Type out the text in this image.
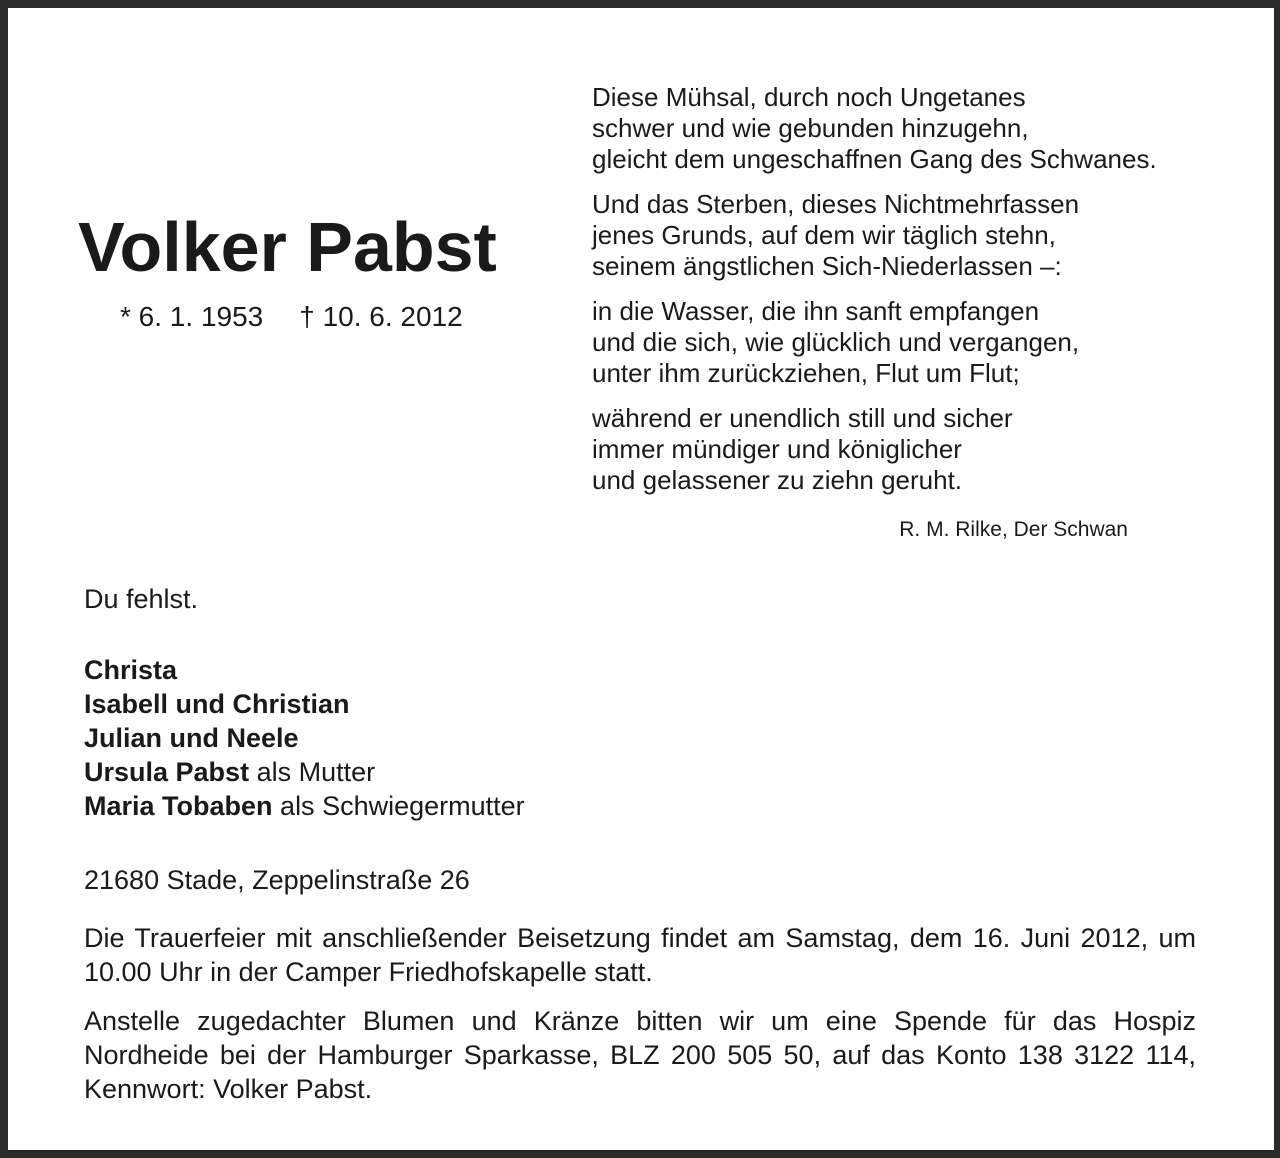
Volker Pabst
* 6. 1. 1953 † 10. 6. 2012
Diese Mühsal, durch noch Ungetanes
schwer und wie gebunden hinzugehn,
gleicht dem ungeschaffnen Gang des Schwanes.
Und das Sterben, dieses Nichtmehrfassen
jenes Grunds, auf dem wir täglich stehn,
seinem ängstlichen Sich-Niederlassen –:
in die Wasser, die ihn sanft empfangen
und die sich, wie glücklich und vergangen,
unter ihm zurückziehen, Flut um Flut;
während er unendlich still und sicher
immer mündiger und königlicher
und gelassener zu ziehn geruht.
R. M. Rilke, Der Schwan
Du fehlst.
Christa
Isabell und Christian
Julian und Neele
Ursula Pabst als Mutter
Maria Tobaben als Schwiegermutter
21680 Stade, Zeppelinstraße 26
Die Trauerfeier mit anschließender Beisetzung findet am Samstag, dem 16. Juni 2012, um 10.00 Uhr in der Camper Friedhofskapelle statt.
Anstelle zugedachter Blumen und Kränze bitten wir um eine Spende für das Hospiz Nordheide bei der Hamburger Sparkasse, BLZ 200 505 50, auf das Konto 138 3122 114, Kennwort: Volker Pabst.
